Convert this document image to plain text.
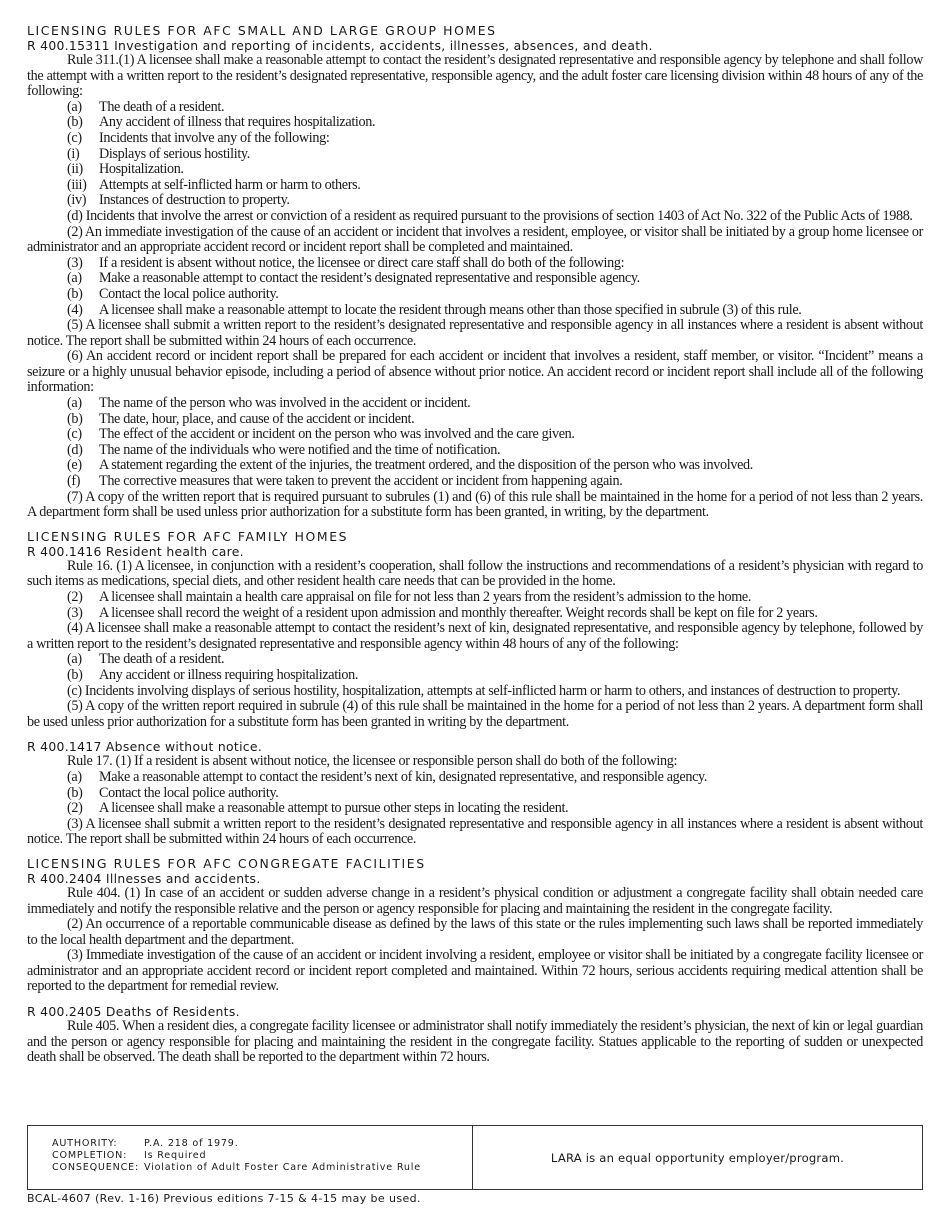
LICENSING RULES FOR AFC SMALL AND LARGE GROUP HOMES
R 400.15311 Investigation and reporting of incidents, accidents, illnesses, absences, and death.

Rule 311.(1) A licensee shall make a reasonable attempt to contact the resident’s designated representative and responsible agency by telephone and shall follow the attempt with a written report to the resident’s designated representative, responsible agency, and the adult foster care licensing division within 48 hours of any of the following:

(a) The death of a resident.
(b) Any accident of illness that requires hospitalization.
(c) Incidents that involve any of the following:
(i) Displays of serious hostility.
(ii) Hospitalization.
(iii) Attempts at self-inflicted harm or harm to others.
(iv) Instances of destruction to property.

(d) Incidents that involve the arrest or conviction of a resident as required pursuant to the provisions of section 1403 of Act No. 322 of the Public Acts of 1988.

(2) An immediate investigation of the cause of an accident or incident that involves a resident, employee, or visitor shall be initiated by a group home licensee or administrator and an appropriate accident record or incident report shall be completed and maintained.

(3) If a resident is absent without notice, the licensee or direct care staff shall do both of the following:
(a) Make a reasonable attempt to contact the resident’s designated representative and responsible agency.
(b) Contact the local police authority.
(4) A licensee shall make a reasonable attempt to locate the resident through means other than those specified in subrule (3) of this rule.

(5) A licensee shall submit a written report to the resident’s designated representative and responsible agency in all instances where a resident is absent without notice. The report shall be submitted within 24 hours of each occurrence.

(6) An accident record or incident report shall be prepared for each accident or incident that involves a resident, staff member, or visitor. “Incident” means a seizure or a highly unusual behavior episode, including a period of absence without prior notice. An accident record or incident report shall include all of the following information:

(a) The name of the person who was involved in the accident or incident.
(b) The date, hour, place, and cause of the accident or incident.
(c) The effect of the accident or incident on the person who was involved and the care given.
(d) The name of the individuals who were notified and the time of notification.
(e) A statement regarding the extent of the injuries, the treatment ordered, and the disposition of the person who was involved.
(f) The corrective measures that were taken to prevent the accident or incident from happening again.

(7) A copy of the written report that is required pursuant to subrules (1) and (6) of this rule shall be maintained in the home for a period of not less than 2 years. A department form shall be used unless prior authorization for a substitute form has been granted, in writing, by the department.

LICENSING RULES FOR AFC FAMILY HOMES
R 400.1416 Resident health care.

Rule 16. (1) A licensee, in conjunction with a resident’s cooperation, shall follow the instructions and recommendations of a resident’s physician with regard to such items as medications, special diets, and other resident health care needs that can be provided in the home.

(2) A licensee shall maintain a health care appraisal on file for not less than 2 years from the resident’s admission to the home.
(3) A licensee shall record the weight of a resident upon admission and monthly thereafter. Weight records shall be kept on file for 2 years.

(4) A licensee shall make a reasonable attempt to contact the resident’s next of kin, designated representative, and responsible agency by telephone, followed by a written report to the resident’s designated representative and responsible agency within 48 hours of any of the following:

(a) The death of a resident.
(b) Any accident or illness requiring hospitalization.

(c) Incidents involving displays of serious hostility, hospitalization, attempts at self-inflicted harm or harm to others, and instances of destruction to property.

(5) A copy of the written report required in subrule (4) of this rule shall be maintained in the home for a period of not less than 2 years. A department form shall be used unless prior authorization for a substitute form has been granted in writing by the department.

R 400.1417 Absence without notice.

Rule 17. (1) If a resident is absent without notice, the licensee or responsible person shall do both of the following:

(a) Make a reasonable attempt to contact the resident’s next of kin, designated representative, and responsible agency.
(b) Contact the local police authority.
(2) A licensee shall make a reasonable attempt to pursue other steps in locating the resident.

(3) A licensee shall submit a written report to the resident’s designated representative and responsible agency in all instances where a resident is absent without notice. The report shall be submitted within 24 hours of each occurrence.

LICENSING RULES FOR AFC CONGREGATE FACILITIES
R 400.2404 Illnesses and accidents.

Rule 404. (1) In case of an accident or sudden adverse change in a resident’s physical condition or adjustment a congregate facility shall obtain needed care immediately and notify the responsible relative and the person or agency responsible for placing and maintaining the resident in the congregate facility.

(2) An occurrence of a reportable communicable disease as defined by the laws of this state or the rules implementing such laws shall be reported immediately to the local health department and the department.

(3) Immediate investigation of the cause of an accident or incident involving a resident, employee or visitor shall be initiated by a congregate facility licensee or administrator and an appropriate accident record or incident report completed and maintained. Within 72 hours, serious accidents requiring medical attention shall be reported to the department for remedial review.

R 400.2405 Deaths of Residents.

Rule 405. When a resident dies, a congregate facility licensee or administrator shall notify immediately the resident’s physician, the next of kin or legal guardian and the person or agency responsible for placing and maintaining the resident in the congregate facility. Statues applicable to the reporting of sudden or unexpected death shall be observed. The death shall be reported to the department within 72 hours.

AUTHORITY:	P.A. 218 of 1979.
COMPLETION: Is Required
CONSEQUENCE: Violation of Adult Foster Care Administrative Rule
LARA is an equal opportunity employer/program.
BCAL-4607 (Rev. 1-16) Previous editions 7-15 & 4-15 may be used.
